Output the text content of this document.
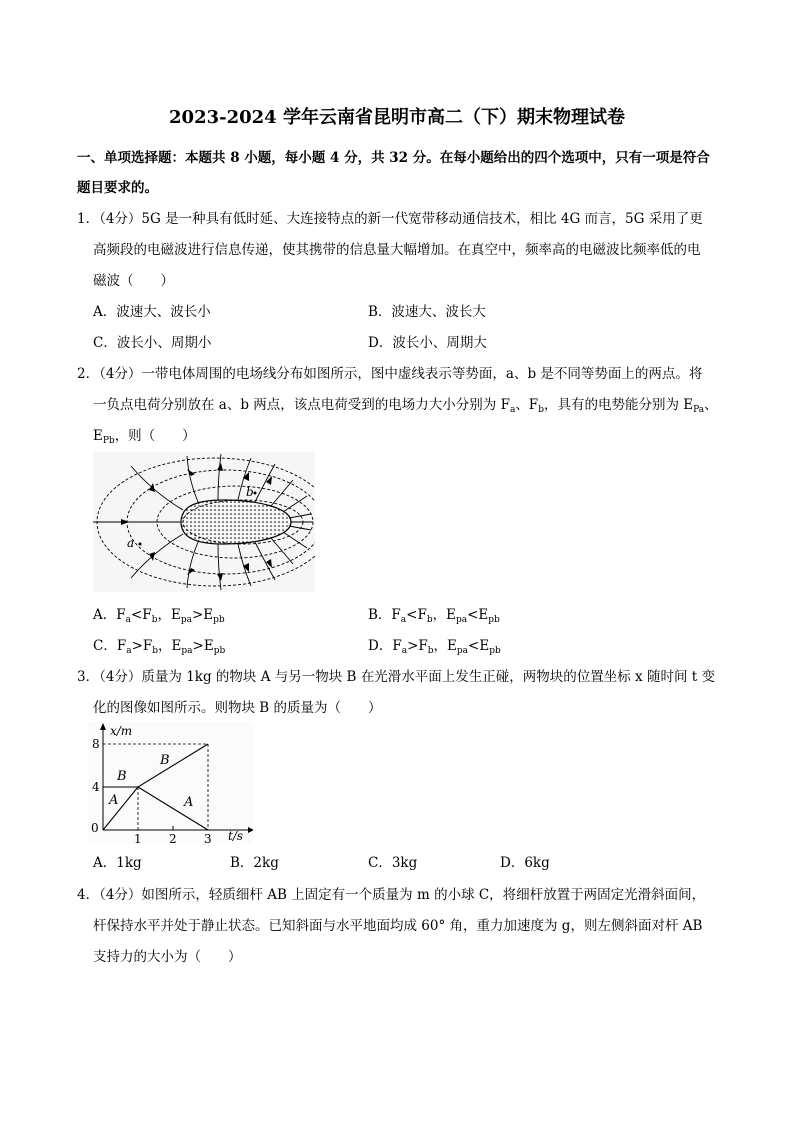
2023-2024 学年云南省昆明市高二（下）期末物理试卷
一、单项选择题：本题共 8 小题，每小题 4 分，共 32 分。在每小题给出的四个选项中，只有一项是符合
题目要求的。
1．（4分）5G 是一种具有低时延、大连接特点的新一代宽带移动通信技术，相比 4G 而言，5G 采用了更
高频段的电磁波进行信息传递，使其携带的信息量大幅增加。在真空中，频率高的电磁波比频率低的电
磁波（　　）
A．波速大、波长小	B．波速大、波长大
C．波长小、周期小	D．波长小、周期大
2．（4分）一带电体周围的电场线分布如图所示，图中虚线表示等势面，a、b 是不同等势面上的两点。将
一负点电荷分别放在 a、b 两点，该点电荷受到的电场力大小分别为 $F_a$、$F_b$，具有的电势能分别为 $E_{Pa}$、
$E_{Pb}$，则（　　）
a
b
A．$F_a<F_b$，$E_{pa}>E_{pb}$	B．$F_a<F_b$，$E_{pa}<E_{pb}$
C．$F_a>F_b$，$E_{pa}>E_{pb}$	D．$F_a>F_b$，$E_{pa}<E_{pb}$
3．（4分）质量为 1kg 的物块 A 与另一物块 B 在光滑水平面上发生正碰，两物块的位置坐标 x 随时间 t 变
化的图像如图所示。则物块 B 的质量为（　　）
8
4
0
1 2 3
x/m
t/s
B
B
A	A
A．1kg	B．2kg	C．3kg	D．6kg
4．（4分）如图所示，轻质细杆 AB 上固定有一个质量为 m 的小球 C，将细杆放置于两固定光滑斜面间，
杆保持水平并处于静止状态。已知斜面与水平地面均成 60° 角，重力加速度为 g，则左侧斜面对杆 AB
支持力的大小为（　　）
